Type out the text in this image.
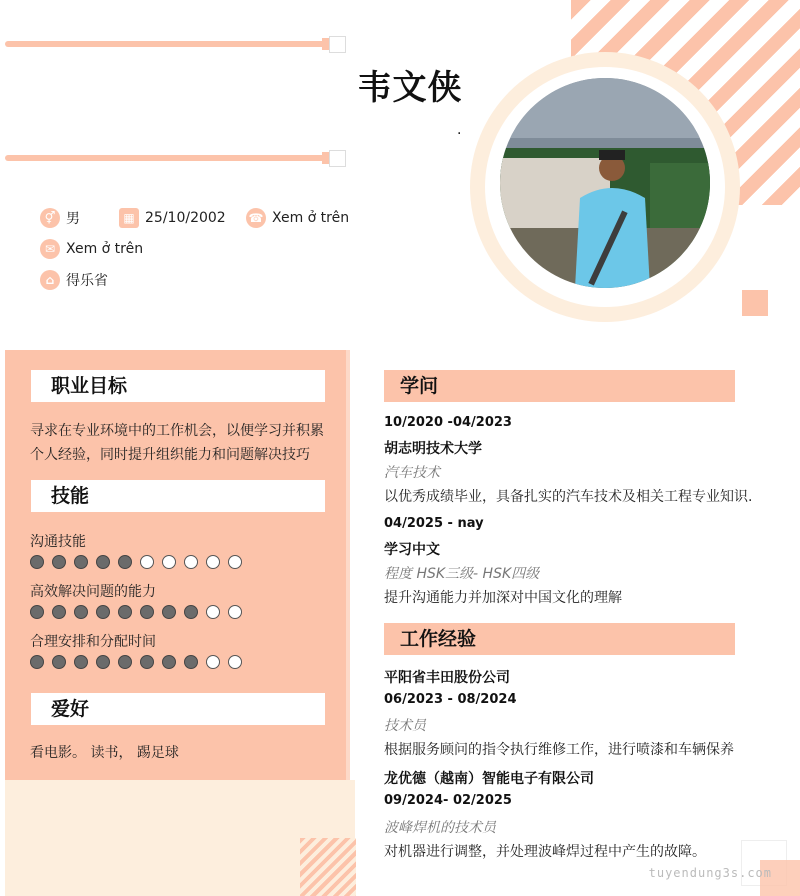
韦文侠
.
⚥ 男	▦ 25/10/2002 ☎ Xem ở trên
✉ Xem ở trên
⌂ 得乐省
职业目标
寻求在专业环境中的工作机会，以便学习并积累
个人经验，同时提升组织能力和问题解决技巧
技能
沟通技能
高效解决问题的能力
合理安排和分配时间
爱好
看电影。 读书， 踢足球
学问
10/2020 -04/2023
胡志明技术大学
汽车技术
以优秀成绩毕业，具备扎实的汽车技术及相关工程专业知识.
04/2025 - nay
学习中文
程度 HSK三级- HSK四级
提升沟通能力并加深对中国文化的理解
工作经验
平阳省丰田股份公司
06/2023 - 08/2024
技术员
根据服务顾问的指令执行维修工作，进行喷漆和车辆保养
龙优德（越南）智能电子有限公司
09/2024- 02/2025
波峰焊机的技术员
对机器进行调整，并处理波峰焊过程中产生的故障。
tuyendung3s.com
